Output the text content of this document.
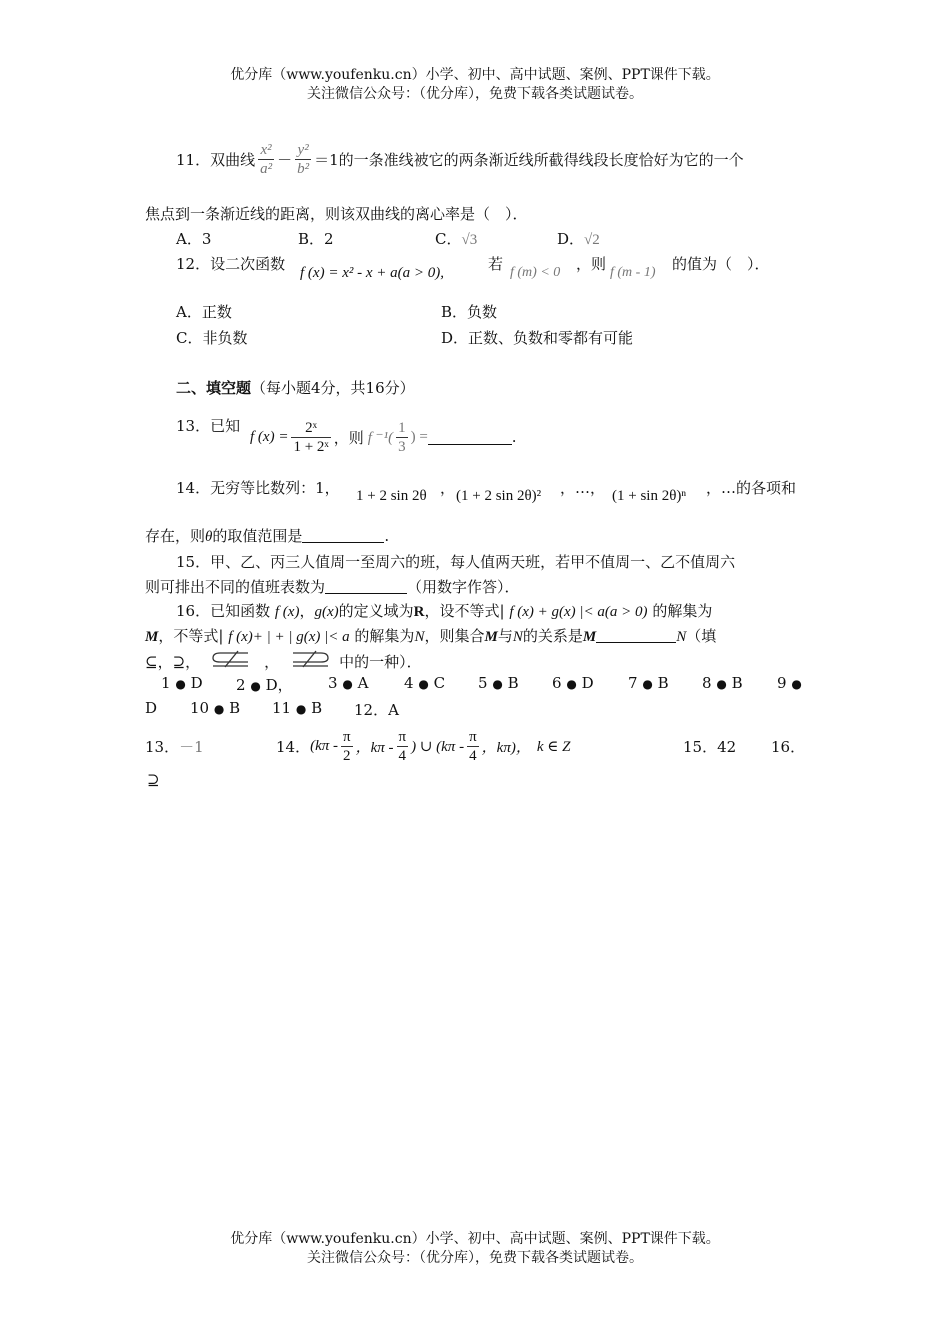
优分库（www.youfenku.cn）小学、初中、高中试题、案例、PPT课件下载。
关注微信公众号：（优分库），免费下载各类试题试卷。
11．双曲线 $\frac{\text{x²}}{\text{a²}} - \frac{\text{y²}}{\text{b²}} =1$的一条准线被它的两条渐近线所截得线段长度恰好为它的一个
焦点到一条渐近线的距离，则该双曲线的离心率是（　）．
A．3	B．2	C．√3	D．√2
12．设二次函数 f (x) = x² - x + a(a > 0),	若 f (m) < 0 ，则 f (m - 1) 的值为（　）．
A．正数	B．负数
C．非负数	D．正数、负数和零都有可能
二、填空题（每小题4分，共16分）
13．已知
f $(x) = \frac{\text{2ˣ}}{\text{1 + 2ˣ}}$ ，则 f $^{-1}( \frac{1}{3}$ ) =	.
14．无穷等比数列：1， 1 + 2 sin 2θ ， (1 + 2 sin 2θ)² ，…， (1 + sin 2θ)ⁿ ，…的各项和
存在，则θ的取值范围是	.
15．甲、乙、丙三人值周一至周六的班，每人值两天班，若甲不值周一、乙不值周六
则可排出不同的值班表数为	（用数字作答）．
16．已知函数 f (x)，g(x)的定义域为R，设不等式| f (x) + g(x) |< a(a > 0) 的解集为
M，不等式| f (x)+ | + | g(x) |< a 的解集为N，则集合M与N的关系是M	N（填
⊆，⊇，	，	中的一种）．
1 ● D 2 ● D， 3 ● A 4 ● C 5 ● B 6 ● D 7 ● B 8 ● B 9 ●
D 10 ● B 11 ● B 12．A
13．－1	14． ($k\pi - \frac{\pi}{2}$ ，kπ - $\frac{\pi}{4}$ ) ∪ ($k\pi - \frac{\pi}{4}$ ，kπ)， k ∈ Z	15．42 16．
⊇
优分库（www.youfenku.cn）小学、初中、高中试题、案例、PPT课件下载。
关注微信公众号：（优分库），免费下载各类试题试卷。
